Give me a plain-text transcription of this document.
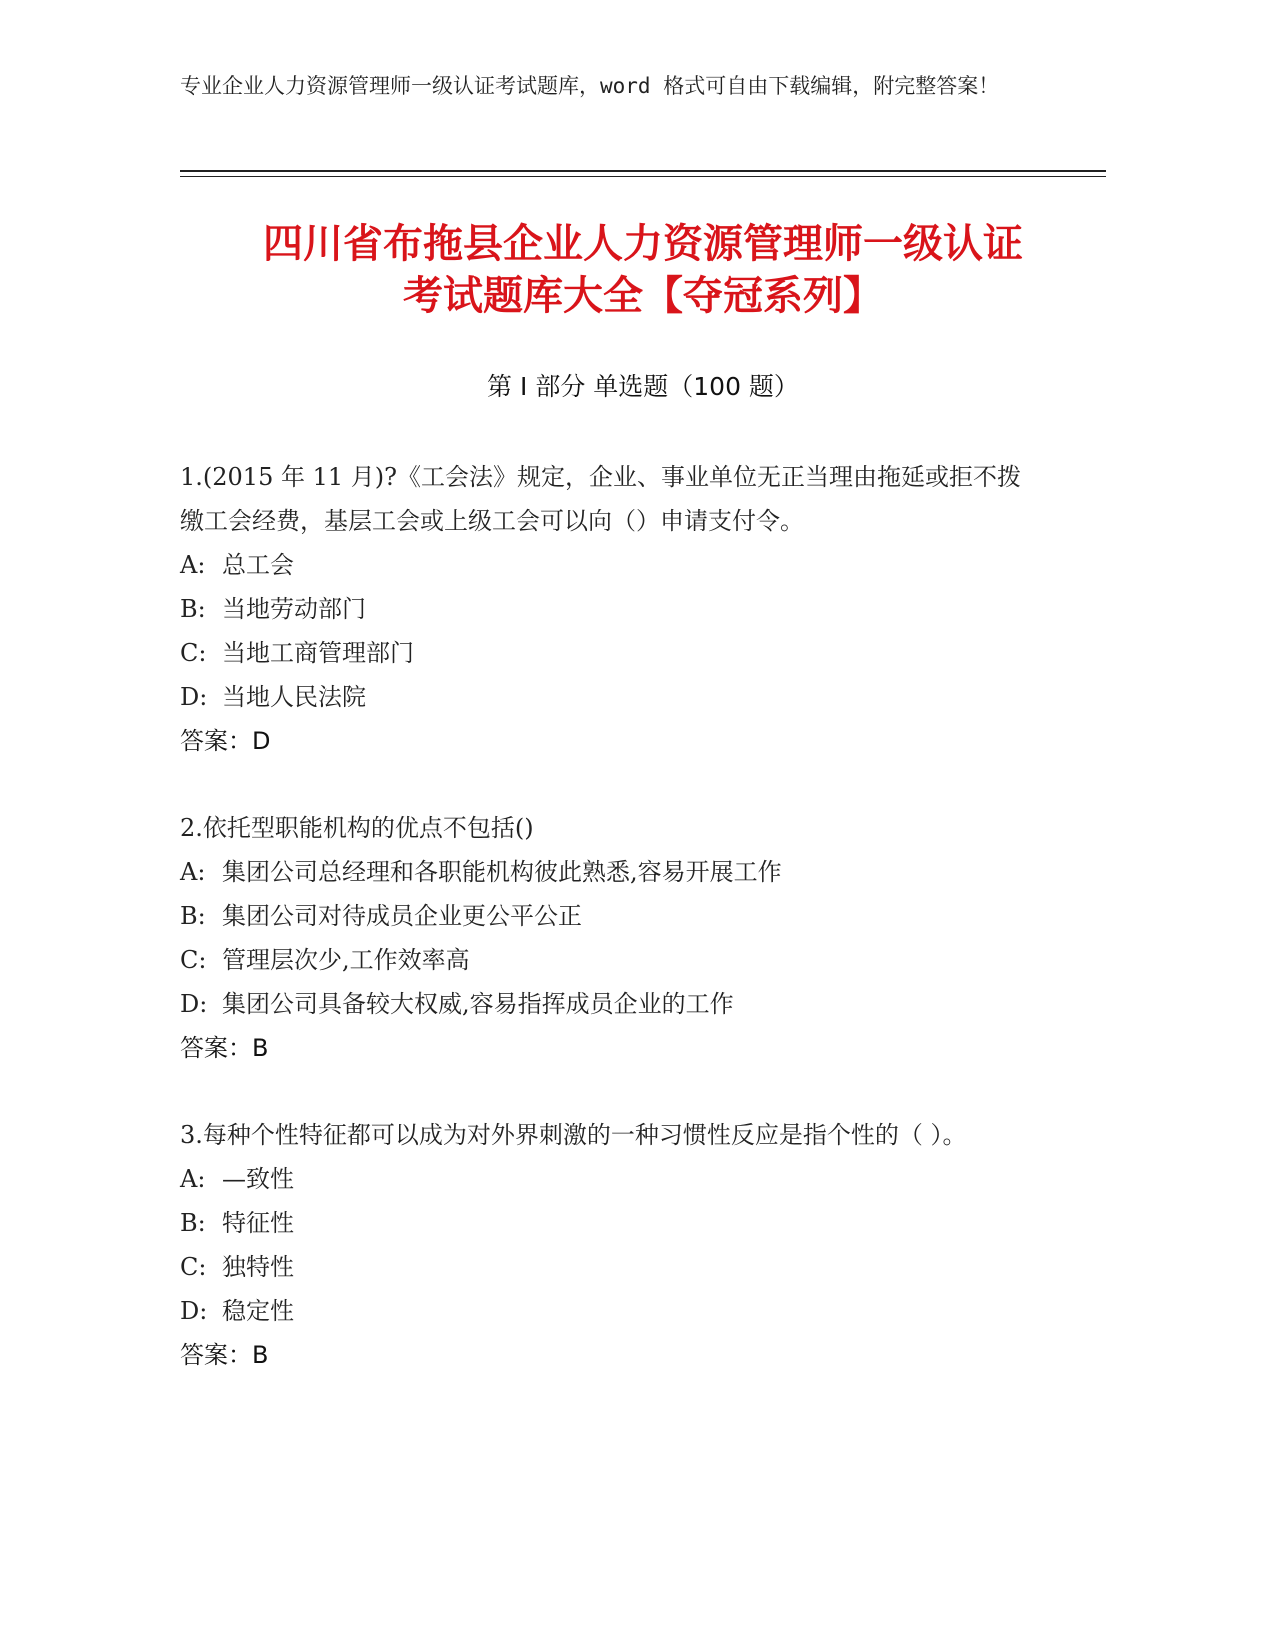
专业企业人力资源管理师一级认证考试题库，word 格式可自由下载编辑，附完整答案！
四川省布拖县企业人力资源管理师一级认证
考试题库大全【夺冠系列】
第 I 部分 单选题（100 题）
1.(2015 年 11 月)?《工会法》规定，企业、事业单位无正当理由拖延或拒不拨缴工会经费，基层工会或上级工会可以向（）申请支付令。
A: 总工会
B: 当地劳动部门
C: 当地工商管理部门
D: 当地人民法院
答案：D
2.依托型职能机构的优点不包括()
A: 集团公司总经理和各职能机构彼此熟悉,容易开展工作
B: 集团公司对待成员企业更公平公正
C: 管理层次少,工作效率高
D: 集团公司具备较大权威,容易指挥成员企业的工作
答案：B
3.每种个性特征都可以成为对外界刺激的一种习惯性反应是指个性的（ ）。
A: —致性
B: 特征性
C: 独特性
D: 稳定性
答案：B
